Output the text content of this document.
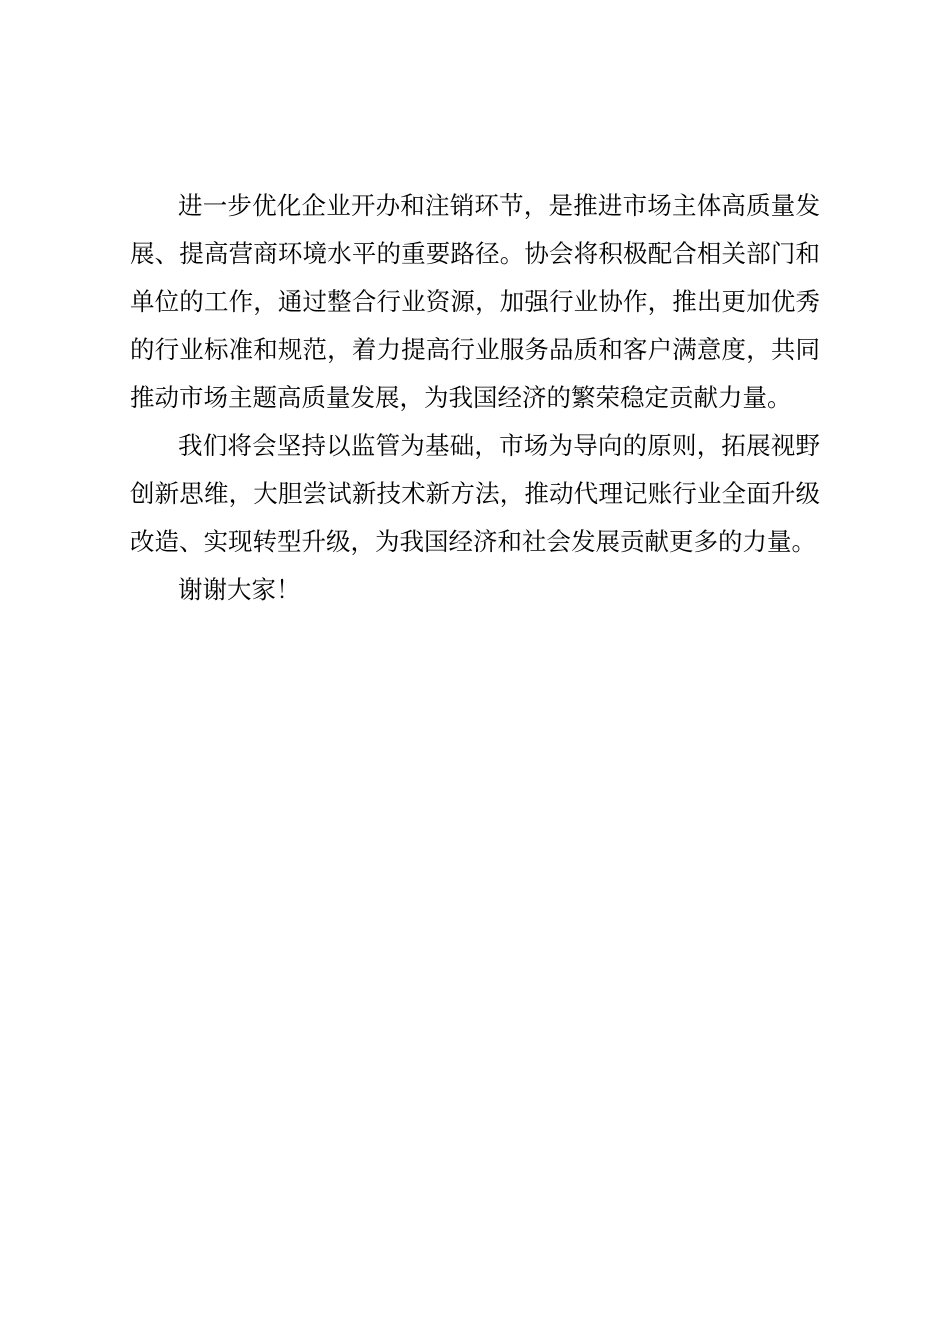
进一步优化企业开办和注销环节，是推进市场主体高质量发
展、提高营商环境水平的重要路径。协会将积极配合相关部门和
单位的工作，通过整合行业资源，加强行业协作，推出更加优秀
的行业标准和规范，着力提高行业服务品质和客户满意度，共同
推动市场主题高质量发展，为我国经济的繁荣稳定贡献力量。
我们将会坚持以监管为基础，市场为导向的原则，拓展视野
创新思维，大胆尝试新技术新方法，推动代理记账行业全面升级
改造、实现转型升级，为我国经济和社会发展贡献更多的力量。
谢谢大家！
